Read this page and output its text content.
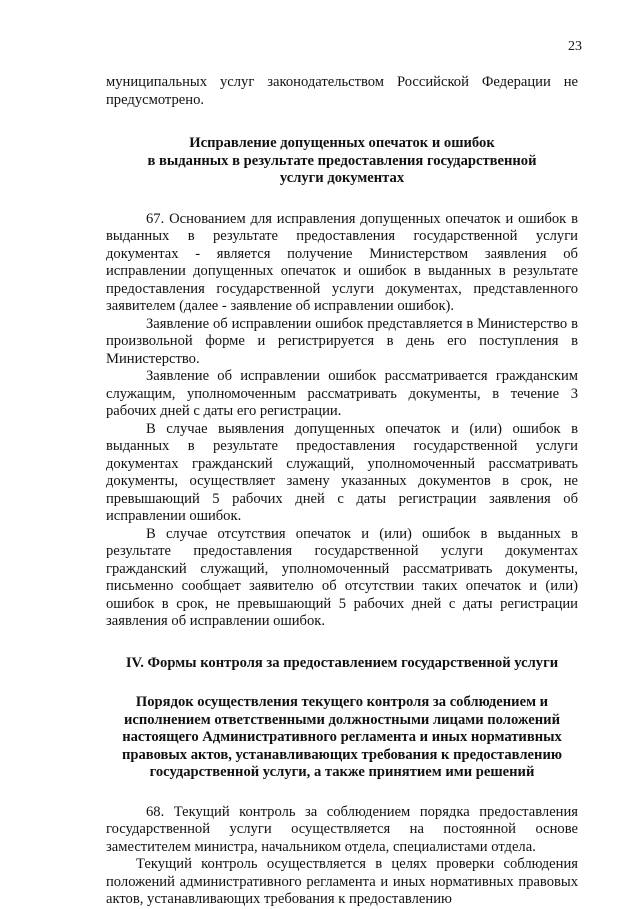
23

муниципальных услуг законодательством Российской Федерации не предусмотрено.

Исправление допущенных опечаток и ошибок
в выданных в результате предоставления государственной
услуги документах

67. Основанием для исправления допущенных опечаток и ошибок в выданных в результате предоставления государственной услуги документах - является получение Министерством заявления об исправлении допущенных опечаток и ошибок в выданных в результате предоставления государственной услуги документах, представленного заявителем (далее - заявление об исправлении ошибок).

Заявление об исправлении ошибок представляется в Министерство в произвольной форме и регистрируется в день его поступления в Министерство.

Заявление об исправлении ошибок рассматривается гражданским служащим, уполномоченным рассматривать документы, в течение 3 рабочих дней с даты его регистрации.

В случае выявления допущенных опечаток и (или) ошибок в выданных в результате предоставления государственной услуги документах гражданский служащий, уполномоченный рассматривать документы, осуществляет замену указанных документов в срок, не превышающий 5 рабочих дней с даты регистрации заявления об исправлении ошибок.

В случае отсутствия опечаток и (или) ошибок в выданных в результате предоставления государственной услуги документах гражданский служащий, уполномоченный рассматривать документы, письменно сообщает заявителю об отсутствии таких опечаток и (или) ошибок в срок, не превышающий 5 рабочих дней с даты регистрации заявления об исправлении ошибок.

IV. Формы контроля за предоставлением государственной услуги
Порядок осуществления текущего контроля за соблюдением и
исполнением ответственными должностными лицами положений
настоящего Административного регламента и иных нормативных
правовых актов, устанавливающих требования к предоставлению
государственной услуги, а также принятием ими решений

68. Текущий контроль за соблюдением порядка предоставления государственной услуги осуществляется на постоянной основе заместителем министра, начальником отдела, специалистами отдела.

Текущий контроль осуществляется в целях проверки соблюдения положений административного регламента и иных нормативных правовых актов, устанавливающих требования к предоставлению
